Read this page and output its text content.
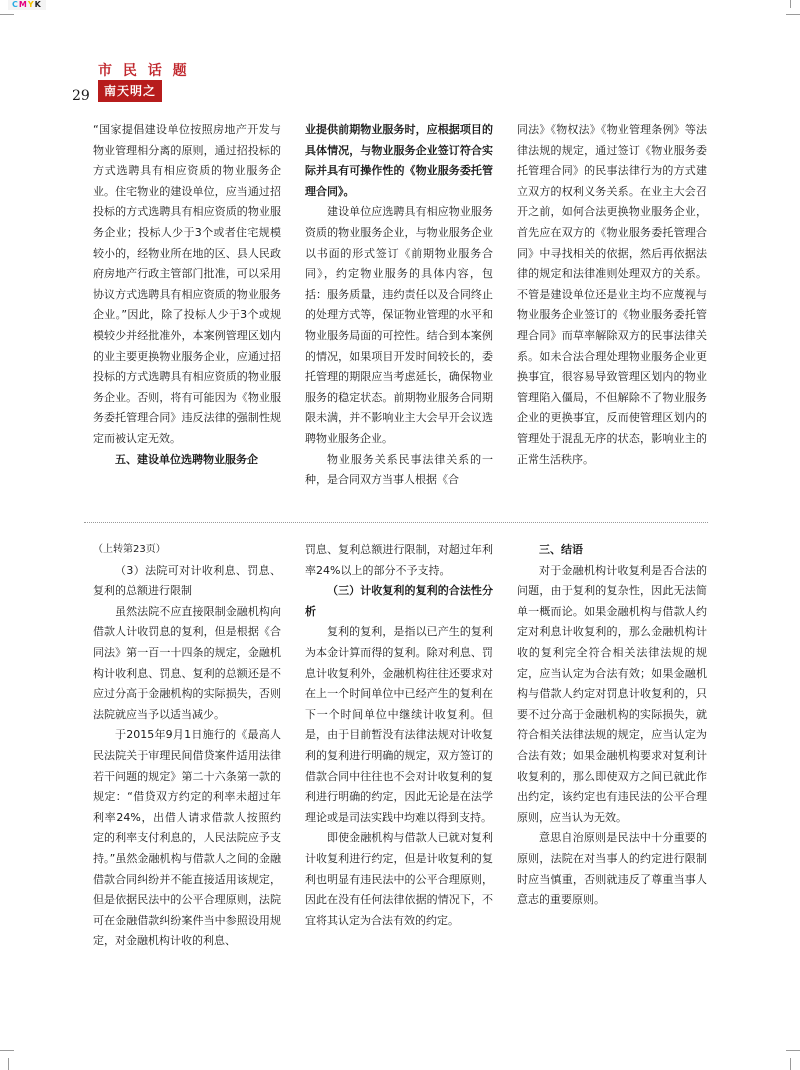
CMYK
29
市 民 话 题
南天明之窗

“国家提倡建设单位按照房地产开发与物业管理相分离的原则，通过招投标的方式选聘具有相应资质的物业服务企业。住宅物业的建设单位，应当通过招投标的方式选聘具有相应资质的物业服务企业；投标人少于3个或者住宅规模较小的，经物业所在地的区、县人民政府房地产行政主管部门批准，可以采用协议方式选聘具有相应资质的物业服务企业。”因此，除了投标人少于3个或规模较少并经批准外，本案例管理区划内的业主要更换物业服务企业，应通过招投标的方式选聘具有相应资质的物业服务企业。否则，将有可能因为《物业服务委托管理合同》违反法律的强制性规定而被认定无效。

五、建设单位选聘物业服务企

业提供前期物业服务时，应根据项目的具体情况，与物业服务企业签订符合实际并具有可操作性的《物业服务委托管理合同》。

建设单位应选聘具有相应物业服务资质的物业服务企业，与物业服务企业以书面的形式签订《前期物业服务合同》，约定物业服务的具体内容，包括：服务质量，违约责任以及合同终止的处理方式等，保证物业管理的水平和物业服务局面的可控性。结合到本案例的情况，如果项目开发时间较长的，委托管理的期限应当考虑延长，确保物业服务的稳定状态。前期物业服务合同期限未满，并不影响业主大会早开会议选聘物业服务企业。

物业服务关系民事法律关系的一种，是合同双方当事人根据《合

同法》《物权法》《物业管理条例》等法律法规的规定，通过签订《物业服务委托管理合同》的民事法律行为的方式建立双方的权利义务关系。在业主大会召开之前，如何合法更换物业服务企业，首先应在双方的《物业服务委托管理合同》中寻找相关的依据，然后再依据法律的规定和法律准则处理双方的关系。不管是建设单位还是业主均不应蔑视与物业服务企业签订的《物业服务委托管理合同》而草率解除双方的民事法律关系。如未合法合理处理物业服务企业更换事宜，很容易导致管理区划内的物业管理陷入僵局，不但解除不了物业服务企业的更换事宜，反而使管理区划内的管理处于混乱无序的状态，影响业主的正常生活秩序。

（上转第23页）

（3）法院可对计收利息、罚息、复利的总额进行限制

虽然法院不应直接限制金融机构向借款人计收罚息的复利，但是根据《合同法》第一百一十四条的规定，金融机构计收利息、罚息、复利的总额还是不应过分高于金融机构的实际损失，否则法院就应当予以适当减少。

于2015年9月1日施行的《最高人民法院关于审理民间借贷案件适用法律若干问题的规定》第二十六条第一款的规定：“借贷双方约定的利率未超过年利率24%，出借人请求借款人按照约定的利率支付利息的，人民法院应予支持。”虽然金融机构与借款人之间的金融借款合同纠纷并不能直接适用该规定，但是依据民法中的公平合理原则，法院可在金融借款纠纷案件当中参照设用规定，对金融机构计收的利息、

罚息、复利总额进行限制，对超过年利率24%以上的部分不予支持。

（三）计收复利的复利的合法性分析

复利的复利，是指以已产生的复利为本金计算而得的复利。除对利息、罚息计收复利外，金融机构往往还要求对在上一个时间单位中已经产生的复利在下一个时间单位中继续计收复利。但是，由于目前暂没有法律法规对计收复利的复利进行明确的规定，双方签订的借款合同中往往也不会对计收复利的复利进行明确的约定，因此无论是在法学理论或是司法实践中均难以得到支持。

即使金融机构与借款人已就对复利计收复利进行约定，但是计收复利的复利也明显有违民法中的公平合理原则，因此在没有任何法律依据的情况下，不宜将其认定为合法有效的约定。

三、结语

对于金融机构计收复利是否合法的问题，由于复利的复杂性，因此无法简单一概而论。如果金融机构与借款人约定对利息计收复利的，那么金融机构计收的复利完全符合相关法律法规的规定，应当认定为合法有效；如果金融机构与借款人约定对罚息计收复利的，只要不过分高于金融机构的实际损失，就符合相关法律法规的规定，应当认定为合法有效；如果金融机构要求对复利计收复利的，那么即使双方之间已就此作出约定，该约定也有违民法的公平合理原则，应当认为无效。

意思自治原则是民法中十分重要的原则，法院在对当事人的约定进行限制时应当慎重，否则就违反了尊重当事人意志的重要原则。
